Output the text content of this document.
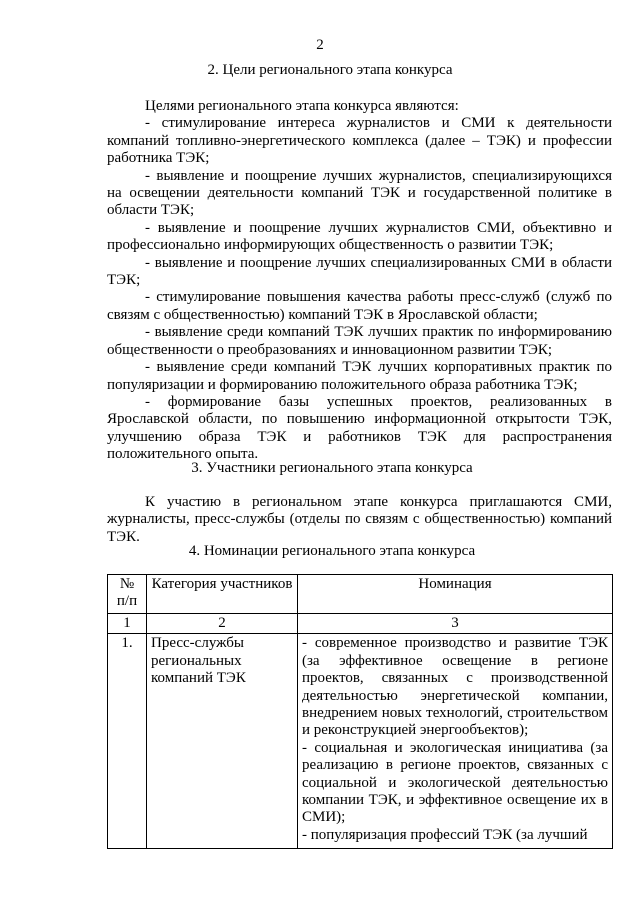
2
2. Цели регионального этапа конкурса

Целями регионального этапа конкурса являются:

- стимулирование интереса журналистов и СМИ к деятельности компаний топливно-энергетического комплекса (далее – ТЭК) и профессии работника ТЭК;

- выявление и поощрение лучших журналистов, специализирующихся на освещении деятельности компаний ТЭК и государственной политике в области ТЭК;

- выявление и поощрение лучших журналистов СМИ, объективно и профессионально информирующих общественность о развитии ТЭК;

- выявление и поощрение лучших специализированных СМИ в области ТЭК;

- стимулирование повышения качества работы пресс-служб (служб по связям с общественностью) компаний ТЭК в Ярославской области;

- выявление среди компаний ТЭК лучших практик по информированию общественности о преобразованиях и инновационном развитии ТЭК;

- выявление среди компаний ТЭК лучших корпоративных практик по популяризации и формированию положительного образа работника ТЭК;

- формирование базы успешных проектов, реализованных в Ярославской области, по повышению информационной открытости ТЭК, улучшению образа ТЭК и работников ТЭК для распространения положительного опыта.

3. Участники регионального этапа конкурса

К участию в региональном этапе конкурса приглашаются СМИ, журналисты, пресс-службы (отделы по связям с общественностью) компаний ТЭК.

4. Номинации регионального этапа конкурса
№ п/п	Категория участников	Номинация
1	2	3
1.	Пресс-службы региональных компаний ТЭК	- современное производство и развитие ТЭК (за эффективное освещение в регионе проектов, связанных с производственной деятельностью энергетической компании, внедрением новых технологий, строительством и реконструкцией энергообъектов);
- социальная и экологическая инициатива (за реализацию в регионе проектов, связанных с социальной и экологической деятельностью компании ТЭК, и эффективное освещение их в СМИ);
- популяризация профессий ТЭК (за лучший
